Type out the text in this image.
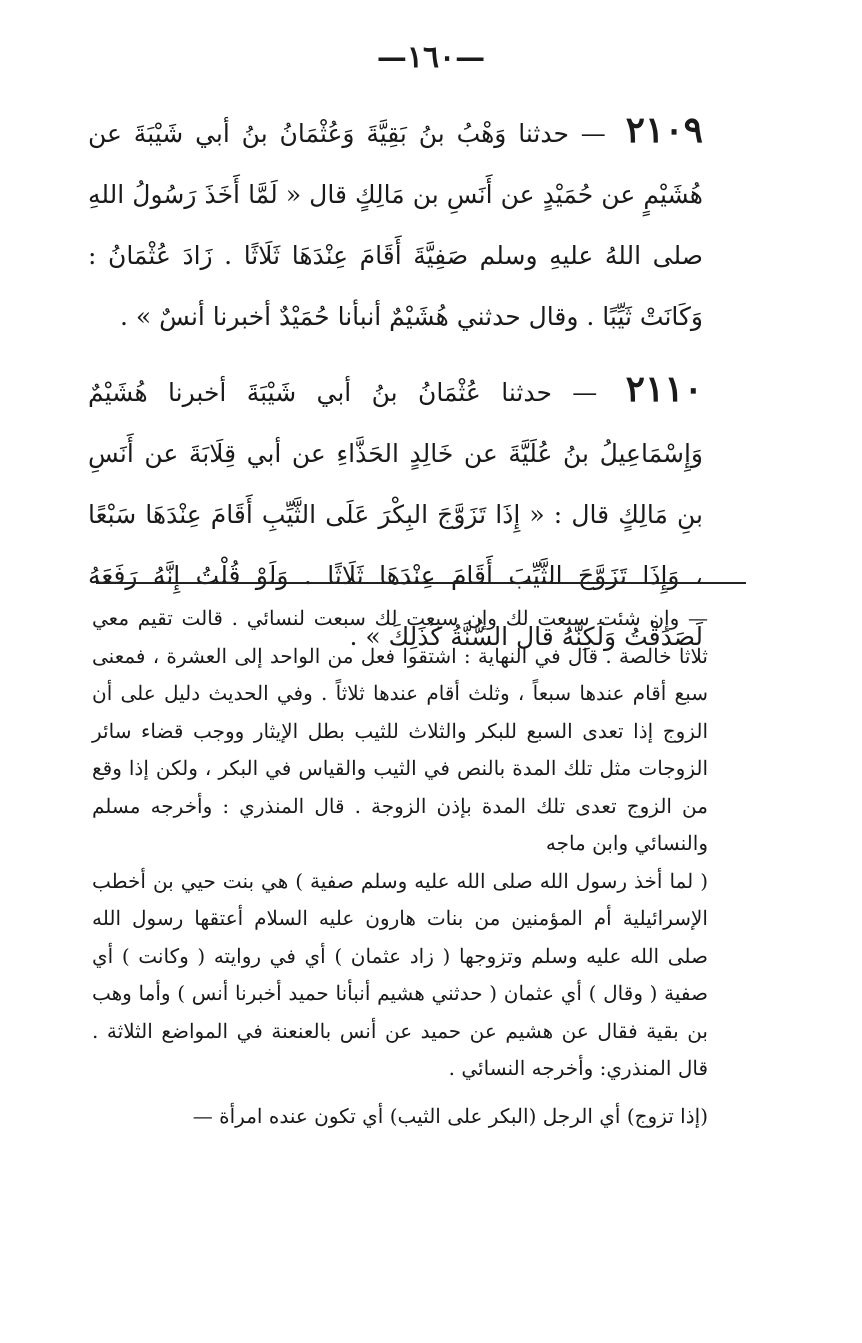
—١٦٠—

٢١٠٩ — حدثنا وَهْبُ بنُ بَقِيَّةَ وَعُثْمَانُ بنُ أبي شَيْبَةَ عن هُشَيْمٍ عن حُمَيْدٍ عن أَنَسِ بن مَالِكٍ قال « لَمَّا أَخَذَ رَسُولُ اللهِ صلى اللهُ عليهِ وسلم صَفِيَّةَ أَقَامَ عِنْدَهَا ثَلَاثًا . زَادَ عُثْمَانُ : وَكَانَتْ ثَيِّبًا . وقال حدثني هُشَيْمٌ أنبأنا حُمَيْدٌ أخبرنا أنسٌ » .

٢١١٠ — حدثنا عُثْمَانُ بنُ أبي شَيْبَةَ أخبرنا هُشَيْمٌ وَإِسْمَاعِيلُ بنُ عُلَيَّةَ عن خَالِدٍ الحَذَّاءِ عن أبي قِلَابَةَ عن أَنَسِ بنِ مَالِكٍ قال : « إِذَا تَزَوَّجَ البِكْرَ عَلَى الثَّيِّبِ أَقَامَ عِنْدَهَا سَبْعًا ، وَإِذَا تَزَوَّجَ الثَّيِّبَ أَقَامَ عِنْدَهَا ثَلَاثًا . وَلَوْ قُلْتُ إِنَّهُ رَفَعَهُ لَصَدَقْتُ وَلَكِنَّهُ قال السُّنَّةُ كَذَلِكَ » .

— وإن شئت سبعت لك وإن سبعت لك سبعت لنسائي . قالت تقيم معي ثلاثا خالصة . قال في النهاية : اشتقوا فعل من الواحد إلى العشرة ، فمعنى سبع أقام عندها سبعاً ، وثلث أقام عندها ثلاثاً . وفي الحديث دليل على أن الزوج إذا تعدى السبع للبكر والثلاث للثيب بطل الإيثار ووجب قضاء سائر الزوجات مثل تلك المدة بالنص في الثيب والقياس في البكر ، ولكن إذا وقع من الزوج تعدى تلك المدة بإذن الزوجة . قال المنذري : وأخرجه مسلم والنسائي وابن ماجه

( لما أخذ رسول الله صلى الله عليه وسلم صفية ) هي بنت حيي بن أخطب الإسرائيلية أم المؤمنين من بنات هارون عليه السلام أعتقها رسول الله صلى الله عليه وسلم وتزوجها ( زاد عثمان ) أي في روايته ( وكانت ) أي صفية ( وقال ) أي عثمان ( حدثني هشيم أنبأنا حميد أخبرنا أنس ) وأما وهب بن بقية فقال عن هشيم عن حميد عن أنس بالعنعنة في المواضع الثلاثة . قال المنذري: وأخرجه النسائي .

(إذا تزوج) أي الرجل (البكر على الثيب) أي تكون عنده امرأة —
